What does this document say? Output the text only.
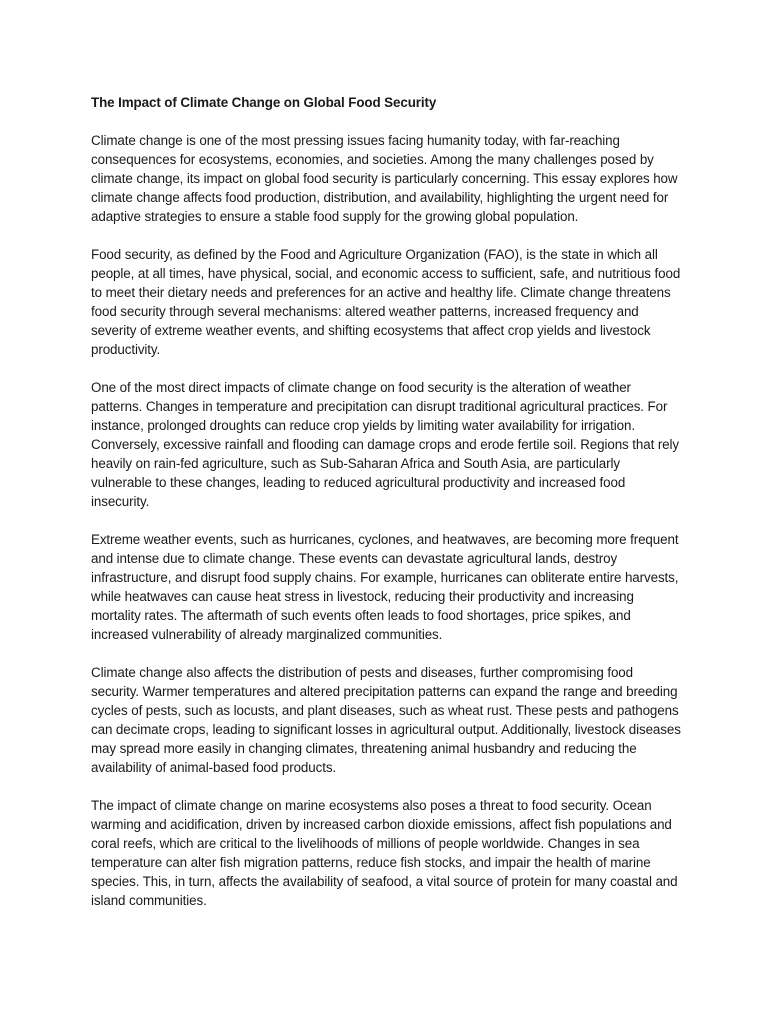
The Impact of Climate Change on Global Food Security
Climate change is one of the most pressing issues facing humanity today, with far-reaching consequences for ecosystems, economies, and societies. Among the many challenges posed by climate change, its impact on global food security is particularly concerning. This essay explores how climate change affects food production, distribution, and availability, highlighting the urgent need for adaptive strategies to ensure a stable food supply for the growing global population.
Food security, as defined by the Food and Agriculture Organization (FAO), is the state in which all people, at all times, have physical, social, and economic access to sufficient, safe, and nutritious food to meet their dietary needs and preferences for an active and healthy life. Climate change threatens food security through several mechanisms: altered weather patterns, increased frequency and severity of extreme weather events, and shifting ecosystems that affect crop yields and livestock productivity.
One of the most direct impacts of climate change on food security is the alteration of weather patterns. Changes in temperature and precipitation can disrupt traditional agricultural practices. For instance, prolonged droughts can reduce crop yields by limiting water availability for irrigation. Conversely, excessive rainfall and flooding can damage crops and erode fertile soil. Regions that rely heavily on rain-fed agriculture, such as Sub-Saharan Africa and South Asia, are particularly vulnerable to these changes, leading to reduced agricultural productivity and increased food insecurity.
Extreme weather events, such as hurricanes, cyclones, and heatwaves, are becoming more frequent and intense due to climate change. These events can devastate agricultural lands, destroy infrastructure, and disrupt food supply chains. For example, hurricanes can obliterate entire harvests, while heatwaves can cause heat stress in livestock, reducing their productivity and increasing mortality rates. The aftermath of such events often leads to food shortages, price spikes, and increased vulnerability of already marginalized communities.
Climate change also affects the distribution of pests and diseases, further compromising food security. Warmer temperatures and altered precipitation patterns can expand the range and breeding cycles of pests, such as locusts, and plant diseases, such as wheat rust. These pests and pathogens can decimate crops, leading to significant losses in agricultural output. Additionally, livestock diseases may spread more easily in changing climates, threatening animal husbandry and reducing the availability of animal-based food products.
The impact of climate change on marine ecosystems also poses a threat to food security. Ocean warming and acidification, driven by increased carbon dioxide emissions, affect fish populations and coral reefs, which are critical to the livelihoods of millions of people worldwide. Changes in sea temperature can alter fish migration patterns, reduce fish stocks, and impair the health of marine species. This, in turn, affects the availability of seafood, a vital source of protein for many coastal and island communities.
